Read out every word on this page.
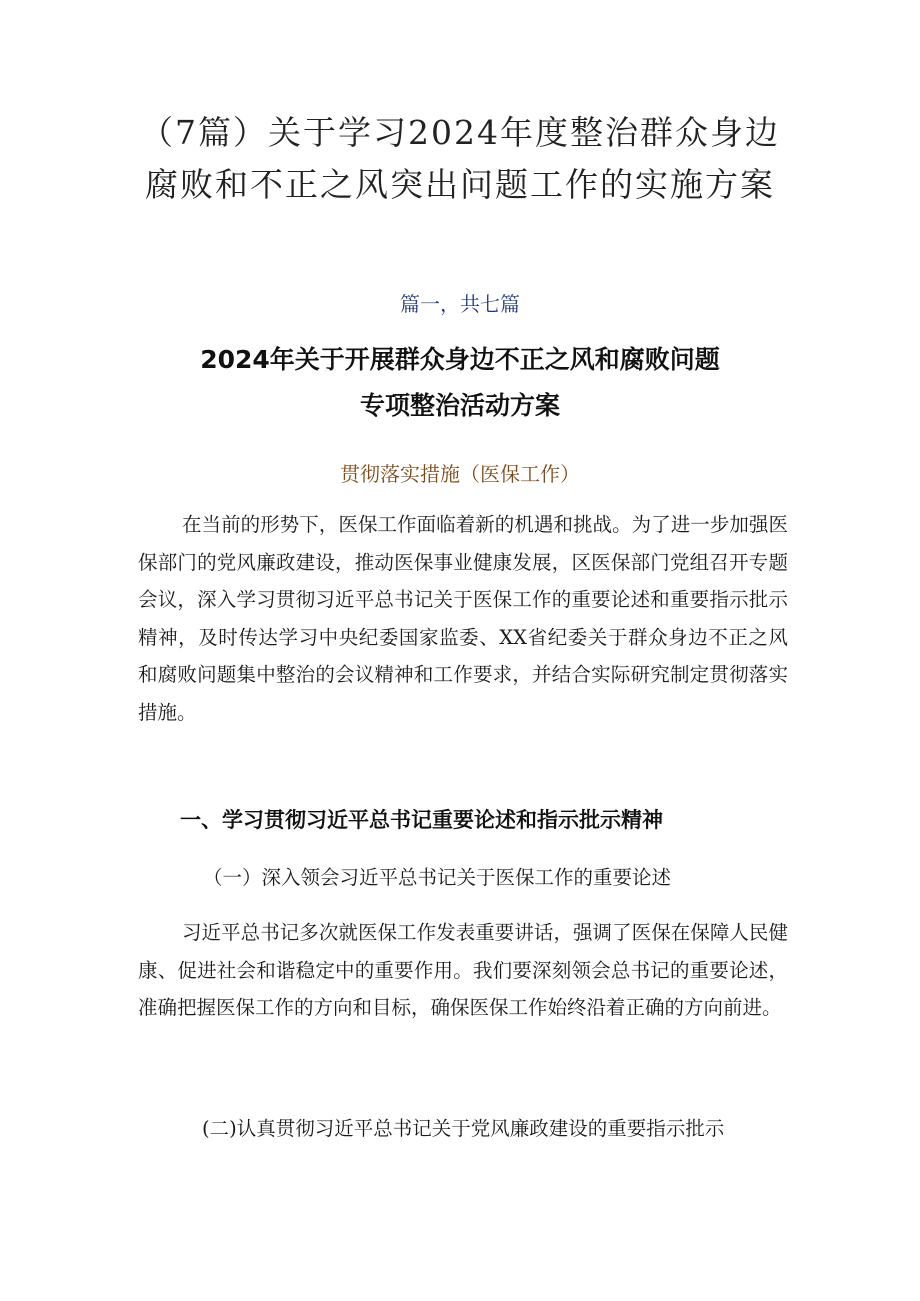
（7篇）关于学习2024年度整治群众身边
腐败和不正之风突出问题工作的实施方案
篇一，共七篇
2024年关于开展群众身边不正之风和腐败问题
专项整治活动方案
贯彻落实措施（医保工作）

在当前的形势下，医保工作面临着新的机遇和挑战。为了进一步加强医保部门的党风廉政建设，推动医保事业健康发展，区医保部门党组召开专题会议，深入学习贯彻习近平总书记关于医保工作的重要论述和重要指示批示精神，及时传达学习中央纪委国家监委、XX省纪委关于群众身边不正之风和腐败问题集中整治的会议精神和工作要求，并结合实际研究制定贯彻落实措施。

一、学习贯彻习近平总书记重要论述和指示批示精神
（一）深入领会习近平总书记关于医保工作的重要论述

习近平总书记多次就医保工作发表重要讲话，强调了医保在保障人民健康、促进社会和谐稳定中的重要作用。我们要深刻领会总书记的重要论述，准确把握医保工作的方向和目标，确保医保工作始终沿着正确的方向前进。

(二)认真贯彻习近平总书记关于党风廉政建设的重要指示批示
